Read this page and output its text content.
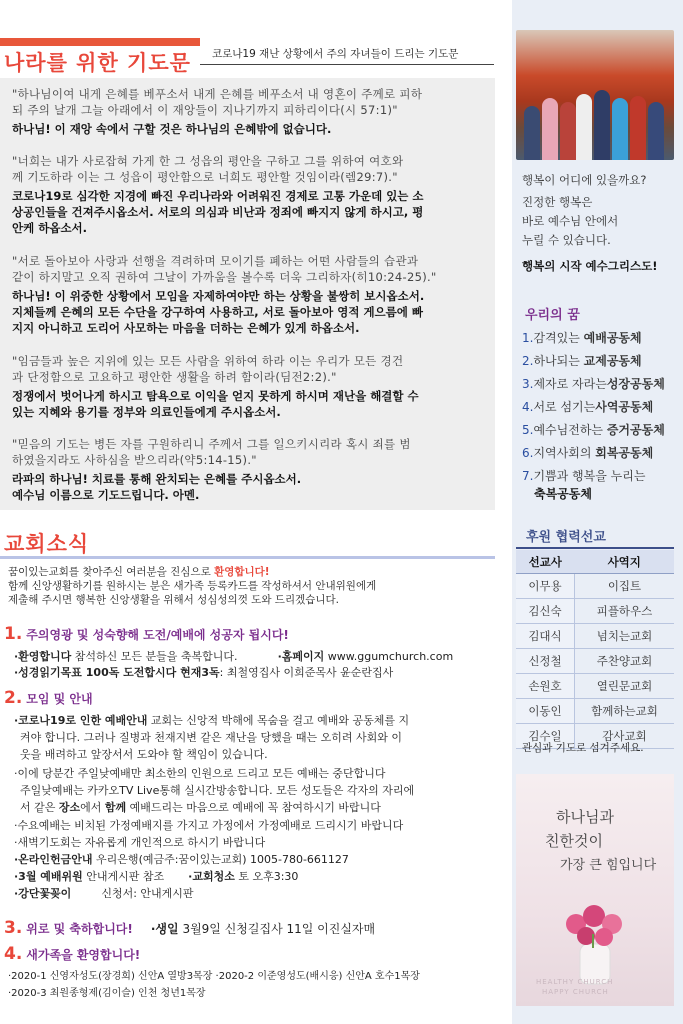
나라를 위한 기도문 코로나19 재난 상황에서 주의 자녀들이 드리는 기도문
"하나님이여 내게 은혜를 베푸소서 내게 은혜를 베푸소서 내 영혼이 주께로 피하
되 주의 날개 그늘 아래에서 이 재앙들이 지나기까지 피하리이다(시 57:1)"
하나님! 이 재앙 속에서 구할 것은 하나님의 은혜밖에 없습니다.
"너희는 내가 사로잡혀 가게 한 그 성읍의 평안을 구하고 그를 위하여 여호와
께 기도하라 이는 그 성읍이 평안함으로 너희도 평안할 것임이라(렘29:7)."
코로나19로 심각한 지경에 빠진 우리나라와 어려워진 경제로 고통 가운데 있는 소
상공인들을 건져주시옵소서. 서로의 의심과 비난과 정죄에 빠지지 않게 하시고, 평
안케 하옵소서.
"서로 돌아보아 사랑과 선행을 격려하며 모이기를 폐하는 어떤 사람들의 습관과
같이 하지말고 오직 권하여 그날이 가까움을 볼수록 더욱 그리하자(히10:24-25)."
하나님! 이 위중한 상황에서 모임을 자제하여야만 하는 상황을 불쌍히 보시옵소서.
지체들께 은혜의 모든 수단을 강구하여 사용하고, 서로 돌아보아 영적 게으름에 빠
지지 아니하고 도리어 사모하는 마음을 더하는 은혜가 있게 하옵소서.
"임금들과 높은 지위에 있는 모든 사람을 위하여 하라 이는 우리가 모든 경건
과 단정함으로 고요하고 평안한 생활을 하려 함이라(딤전2:2)."
정쟁에서 벗어나게 하시고 탐욕으로 이익을 얻지 못하게 하시며 재난을 해결할 수
있는 지혜와 용기를 정부와 의료인들에게 주시옵소서.
"믿음의 기도는 병든 자를 구원하리니 주께서 그를 일으키시리라 혹시 죄를 범
하였을지라도 사하심을 받으리라(약5:14-15)."
라파의 하나님! 치료를 통해 완치되는 은혜를 주시옵소서.
예수님 이름으로 기도드립니다. 아멘.
교회소식
꿈이있는교회를 찾아주신 여러분을 진심으로 환영합니다!
함께 신앙생활하기를 원하시는 분은 새가족 등록카드를 작성하셔서 안내위원에게
제출해 주시면 행복한 신앙생활을 위해서 성심성의껏 도와 드리겠습니다.
1. 주의영광 및 성숙향해 도전/예배에 성공자 됩시다!
·환영합니다 참석하신 모든 분들을 축복합니다.	·홈페이지 www.ggumchurch.com
·성경읽기목표 100독 도전합시다 현재3독: 최철영집사 이희준목사 윤순란집사
2. 모임 및 안내
·코로나19로 인한 예배안내 교회는 신앙적 박해에 목숨을 걸고 예배와 공동체를 지
켜야 합니다. 그러나 질병과 천재지변 같은 재난을 당했을 때는 오히려 사회와 이
웃을 배려하고 앞장서서 도와야 할 책임이 있습니다.
·이에 당분간 주일낮예배만 최소한의 인원으로 드리고 모든 예배는 중단합니다
주일낮예배는 카카오TV Live통해 실시간방송합니다. 모든 성도들은 각자의 자리에
서 같은 장소에서 함께 예배드리는 마음으로 예배에 꼭 참여하시기 바랍니다
·수요예배는 비치된 가정예배지를 가지고 가정에서 가정예배로 드리시기 바랍니다
·새벽기도회는 자유롭게 개인적으로 하시기 바랍니다
·온라인헌금안내 우리은행(예금주:꿈이있는교회) 1005-780-661127
·3월 예배위원 안내게시판 참조 ·교회청소 토 오후3:30
·강단꽃꽂이	신청서: 안내게시판
3. 위로 및 축하합니다! ·생일 3월9일 신청길집사 11일 이진실자매
4. 새가족을 환영합니다!
·2020-1 신영자성도(장경희) 신안A 열방3목장 ·2020-2 이준영성도(배시응) 신안A 호수1목장
·2020-3 최원종형제(김이슬) 인천 청년1목장
행복이 어디에 있을까요?
진정한 행복은
바로 예수님 안에서
누릴 수 있습니다.
행복의 시작 예수그리스도!
우리의 꿈
1.감격있는 예배공동체
2.하나되는 교제공동체
3.제자로 자라는성장공동체
4.서로 섬기는사역공동체
5.예수님전하는 증거공동체
6.지역사회의 회복공동체
7.기쁨과 행복을 누리는
축복공동체
후원 협력선교
선교사	사역지
이무용	이집트
김신숙	피플하우스
김대식	넘치는교회
신정철	주찬양교회
손원호	열린문교회
이동인	함께하는교회
김수일	감사교회
관심과 기도로 섬겨주세요.
하나님과
친한것이
가장 큰 힘입니다
HEALTHY CHURCH
HAPPY CHURCH
